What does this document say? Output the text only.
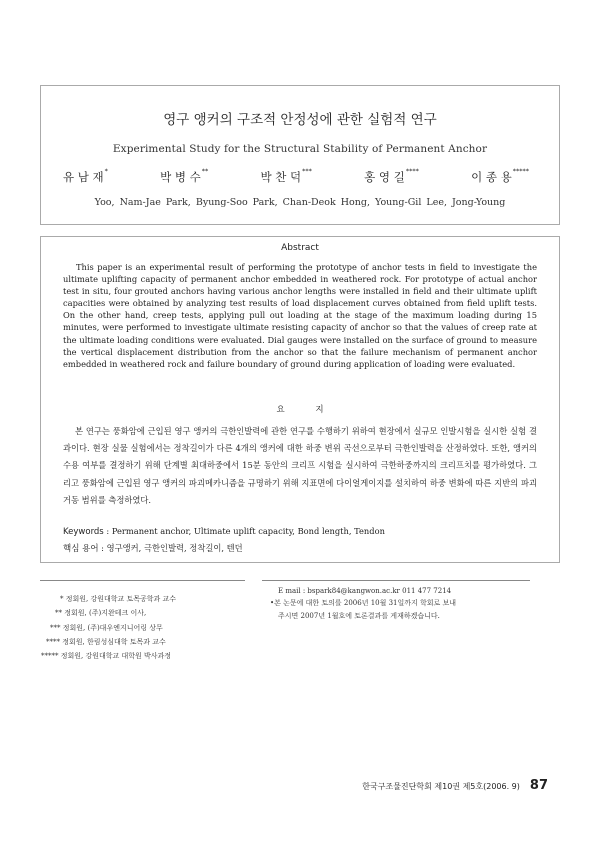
영구 앵커의 구조적 안정성에 관한 실험적 연구
Experimental Study for the Structural Stability of Permanent Anchor
유 남 재*	박 병 수**	박 찬 덕***	홍 영 길****	이 종 용*****
Yoo, Nam-Jae Park, Byung-Soo Park, Chan-Deok Hong, Young-Gil Lee, Jong-Young
Abstract

This paper is an experimental result of performing the prototype of anchor tests in field to investigate the ultimate uplifting capacity of permanent anchor embedded in weathered rock. For prototype of actual anchor test in situ, four grouted anchors having various anchor lengths were installed in field and their ultimate uplift capacities were obtained by analyzing test results of load displacement curves obtained from field uplift tests. On the other hand, creep tests, applying pull out loading at the stage of the maximum loading during 15 minutes, were performed to investigate ultimate resisting capacity of anchor so that the values of creep rate at the ultimate loading conditions were evaluated. Dial gauges were installed on the surface of ground to measure the vertical displacement distribution from the anchor so that the failure mechanism of permanent anchor embedded in weathered rock and failure boundary of ground during application of loading were evaluated.

요 지

본 연구는 풍화암에 근입된 영구 앵커의 극한인발력에 관한 연구를 수행하기 위하여 현장에서 실규모 인발시험을 실시한 실험 결과이다. 현장 실물 실험에서는 정착길이가 다른 4개의 앵커에 대한 하중 변위 곡선으로부터 극한인발력을 산정하였다. 또한, 앵커의 수용 여부를 결정하기 위해 단계별 최대하중에서 15분 동안의 크리프 시험을 실시하여 극한하중까지의 크리프치를 평가하였다. 그리고 풍화암에 근입된 영구 앵커의 파괴메카니즘을 규명하기 위해 지표면에 다이얼게이지를 설치하여 하중 변화에 따른 지반의 파괴 거동 범위를 측정하였다.

Keywords : Permanent anchor, Ultimate uplift capacity, Bond length, Tendon
핵심 용어 : 영구앵커, 극한인발력, 정착길이, 텐던
* 정회원, 강원대학교 토목공학과 교수
** 정회원, (주)지완테크 이사,
*** 정회원, (주)대우엔지니어링 상무
**** 정회원, 한림성심대학 토목과 교수
***** 정회원, 강원대학교 대학원 박사과정
E mail : bspark84@kangwon.ac.kr 011 477 7214
•본 논문에 대한 토의를 2006년 10월 31일까지 학회로 보내
주시면 2007년 1월호에 토론결과를 게재하겠습니다.
한국구조물진단학회 제10권 제5호(2006. 9) 87
